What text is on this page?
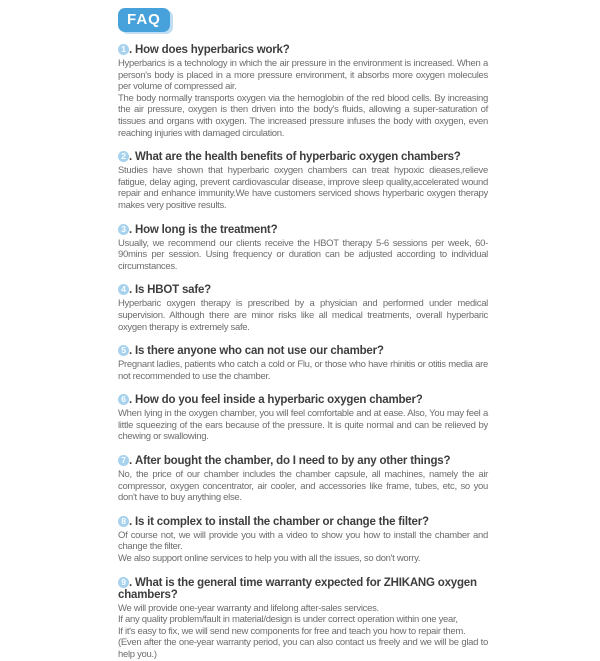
FAQ
1 . How does hyperbarics work?

Hyperbarics is a technology in which the air pressure in the environment is increased. When a person's body is placed in a more pressure environment, it absorbs more oxygen molecules per volume of compressed air.

The body normally transports oxygen via the hemoglobin of the red blood cells. By increasing the air pressure, oxygen is then driven into the body's fluids, allowing a super-saturation of tissues and organs with oxygen. The increased pressure infuses the body with oxygen, even reaching injuries with damaged circulation.

2 . What are the health benefits of hyperbaric oxygen chambers?

Studies have shown that hyperbaric oxygen chambers can treat hypoxic dieases,relieve fatigue, delay aging, prevent cardiovascular disease, improve sleep quality,accelerated wound repair and enhance immunity.We have customers serviced shows hyperbaric oxygen therapy makes very positive results.

3 . How long is the treatment?

Usually, we recommend our clients receive the HBOT therapy 5-6 sessions per week, 60-90mins per session. Using frequency or duration can be adjusted according to individual circumstances.

4 . Is HBOT safe?

Hyperbaric oxygen therapy is prescribed by a physician and performed under medical supervision. Although there are minor risks like all medical treatments, overall hyperbaric oxygen therapy is extremely safe.

5 . Is there anyone who can not use our chamber?

Pregnant ladies, patients who catch a cold or Flu, or those who have rhinitis or otitis media are not recommended to use the chamber.

6 . How do you feel inside a hyperbaric oxygen chamber?

When lying in the oxygen chamber, you will feel comfortable and at ease. Also, You may feel a little squeezing of the ears because of the pressure. It is quite normal and can be relieved by chewing or swallowing.

7 . After bought the chamber, do I need to by any other things?

No, the price of our chamber includes the chamber capsule, all machines, namely the air compressor, oxygen concentrator, air cooler, and accessories like frame, tubes, etc, so you don't have to buy anything else.

8 . Is it complex to install the chamber or change the filter?

Of course not, we will provide you with a video to show you how to install the chamber and change the filter.

We also support online services to help you with all the issues, so don't worry.

9 . What is the general time warranty expected for ZHIKANG oxygen chambers?

We will provide one-year warranty and lifelong after-sales services.

If any quality problem/fault in material/design is under correct operation within one year,

If it's easy to fix, we will send new components for free and teach you how to repair them.

(Even after the one-year warranty period, you can also contact us freely and we will be glad to help you.)
